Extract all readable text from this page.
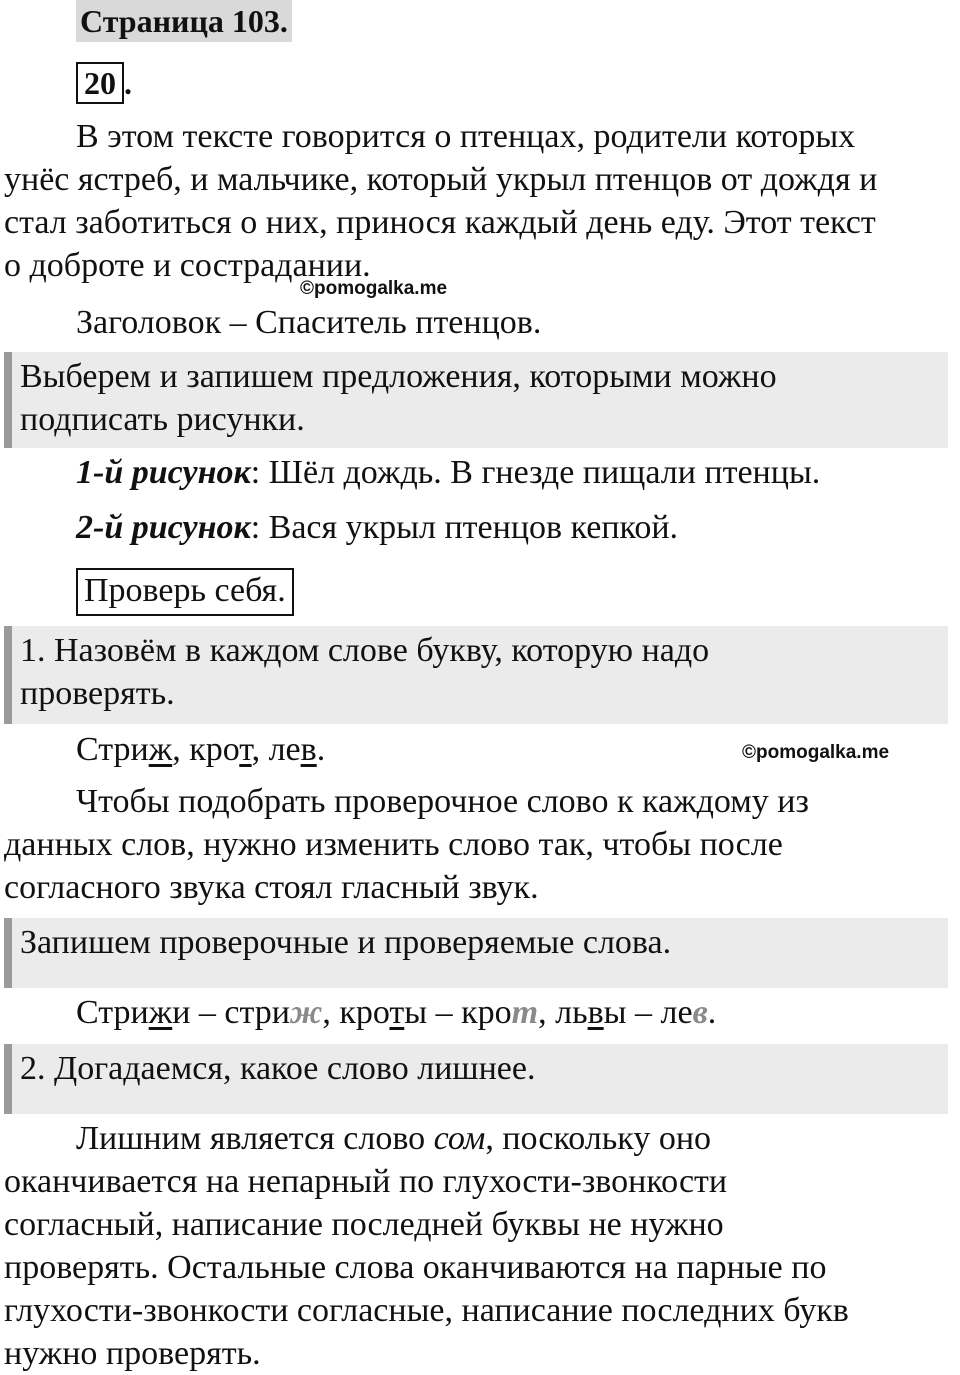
Страница 103.
20 .
В этом тексте говорится о птенцах, родители которых
унёс ястреб, и мальчике, который укрыл птенцов от дождя и
стал заботиться о них, принося каждый день еду. Этот текст
о доброте и сострадании.
©pomogalka.me
Заголовок – Спаситель птенцов.
Выберем и запишем предложения, которыми можно
подписать рисунки.
1-й рисунок: Шёл дождь. В гнезде пищали птенцы.
2-й рисунок: Вася укрыл птенцов кепкой.
Проверь себя.
1. Назовём в каждом слове букву, которую надо
проверять.
Стриж, крот, лев.	©pomogalka.me
Чтобы подобрать проверочное слово к каждому из
данных слов, нужно изменить слово так, чтобы после
согласного звука стоял гласный звук.
Запишем проверочные и проверяемые слова.
Стрижи – стриж, кроты – крот, львы – лев.
2. Догадаемся, какое слово лишнее.
Лишним является слово сом, поскольку оно
оканчивается на непарный по глухости-звонкости
согласный, написание последней буквы не нужно
проверять. Остальные слова оканчиваются на парные по
глухости-звонкости согласные, написание последних букв
нужно проверять.
